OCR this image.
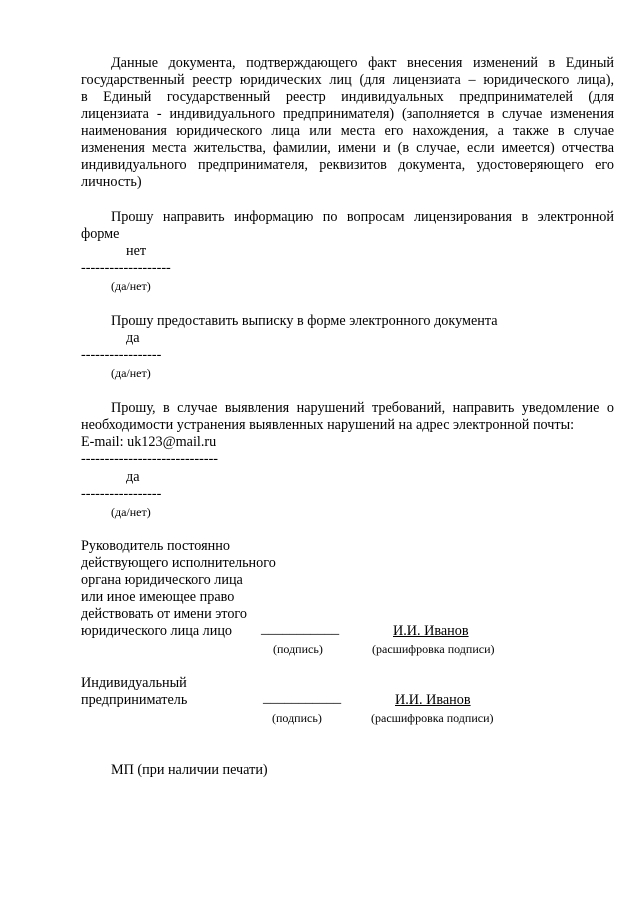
Данные документа, подтверждающего факт внесения изменений в Единый
государственный реестр юридических лиц (для лицензиата – юридического лица),
в Единый государственный реестр индивидуальных предпринимателей (для
лицензиата - индивидуального предпринимателя) (заполняется в случае изменения
наименования юридического лица или места его нахождения, а также в случае
изменения места жительства, фамилии, имени и (в случае, если имеется) отчества
индивидуального предпринимателя, реквизитов документа, удостоверяющего его
личность)
Прошу направить информацию по вопросам лицензирования в электронной
форме
нет
-------------------
(да/нет)
Прошу предоставить выписку в форме электронного документа
да
-----------------
(да/нет)
Прошу, в случае выявления нарушений требований, направить уведомление о
необходимости устранения выявленных нарушений на адрес электронной почты:
E-mail: uk123@mail.ru
-----------------------------
да
-----------------
(да/нет)
Руководитель постоянно
действующего исполнительного
органа юридического лица
или иное имеющее право
действовать от имени этого
юридического лица лицо ___________	И.И. Иванов
(подпись)	(расшифровка подписи)
Индивидуальный
предприниматель	___________	И.И. Иванов
(подпись)	(расшифровка подписи)
МП (при наличии печати)
